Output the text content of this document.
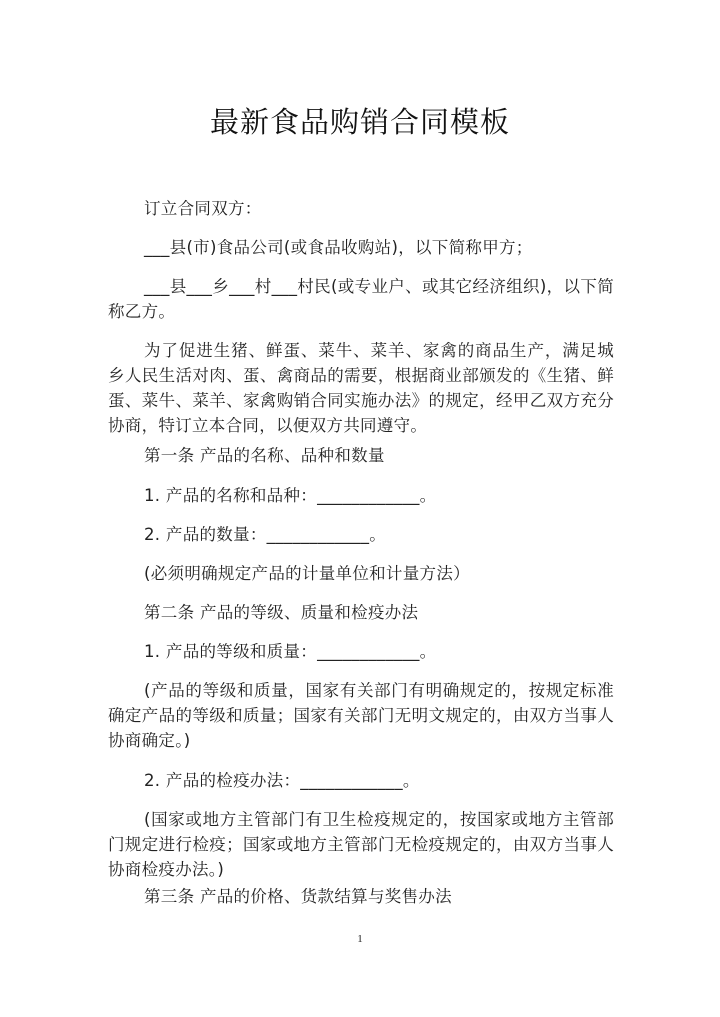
最新食品购销合同模板

订立合同双方：

___县(市)食品公司(或食品收购站)，以下简称甲方；

___县___乡___村___村民(或专业户、或其它经济组织)，以下简称乙方。

为了促进生猪、鲜蛋、菜牛、菜羊、家禽的商品生产，满足城乡人民生活对肉、蛋、禽商品的需要，根据商业部颁发的《生猪、鲜蛋、菜牛、菜羊、家禽购销合同实施办法》的规定，经甲乙双方充分协商，特订立本合同，以便双方共同遵守。

第一条 产品的名称、品种和数量

1. 产品的名称和品种：____________。

2. 产品的数量：____________。

(必须明确规定产品的计量单位和计量方法）

第二条 产品的等级、质量和检疫办法

1. 产品的等级和质量：____________。

(产品的等级和质量，国家有关部门有明确规定的，按规定标准确定产品的等级和质量；国家有关部门无明文规定的，由双方当事人协商确定。)

2. 产品的检疫办法：____________。

(国家或地方主管部门有卫生检疫规定的，按国家或地方主管部门规定进行检疫；国家或地方主管部门无检疫规定的，由双方当事人协商检疫办法。)

第三条 产品的价格、货款结算与奖售办法

1
